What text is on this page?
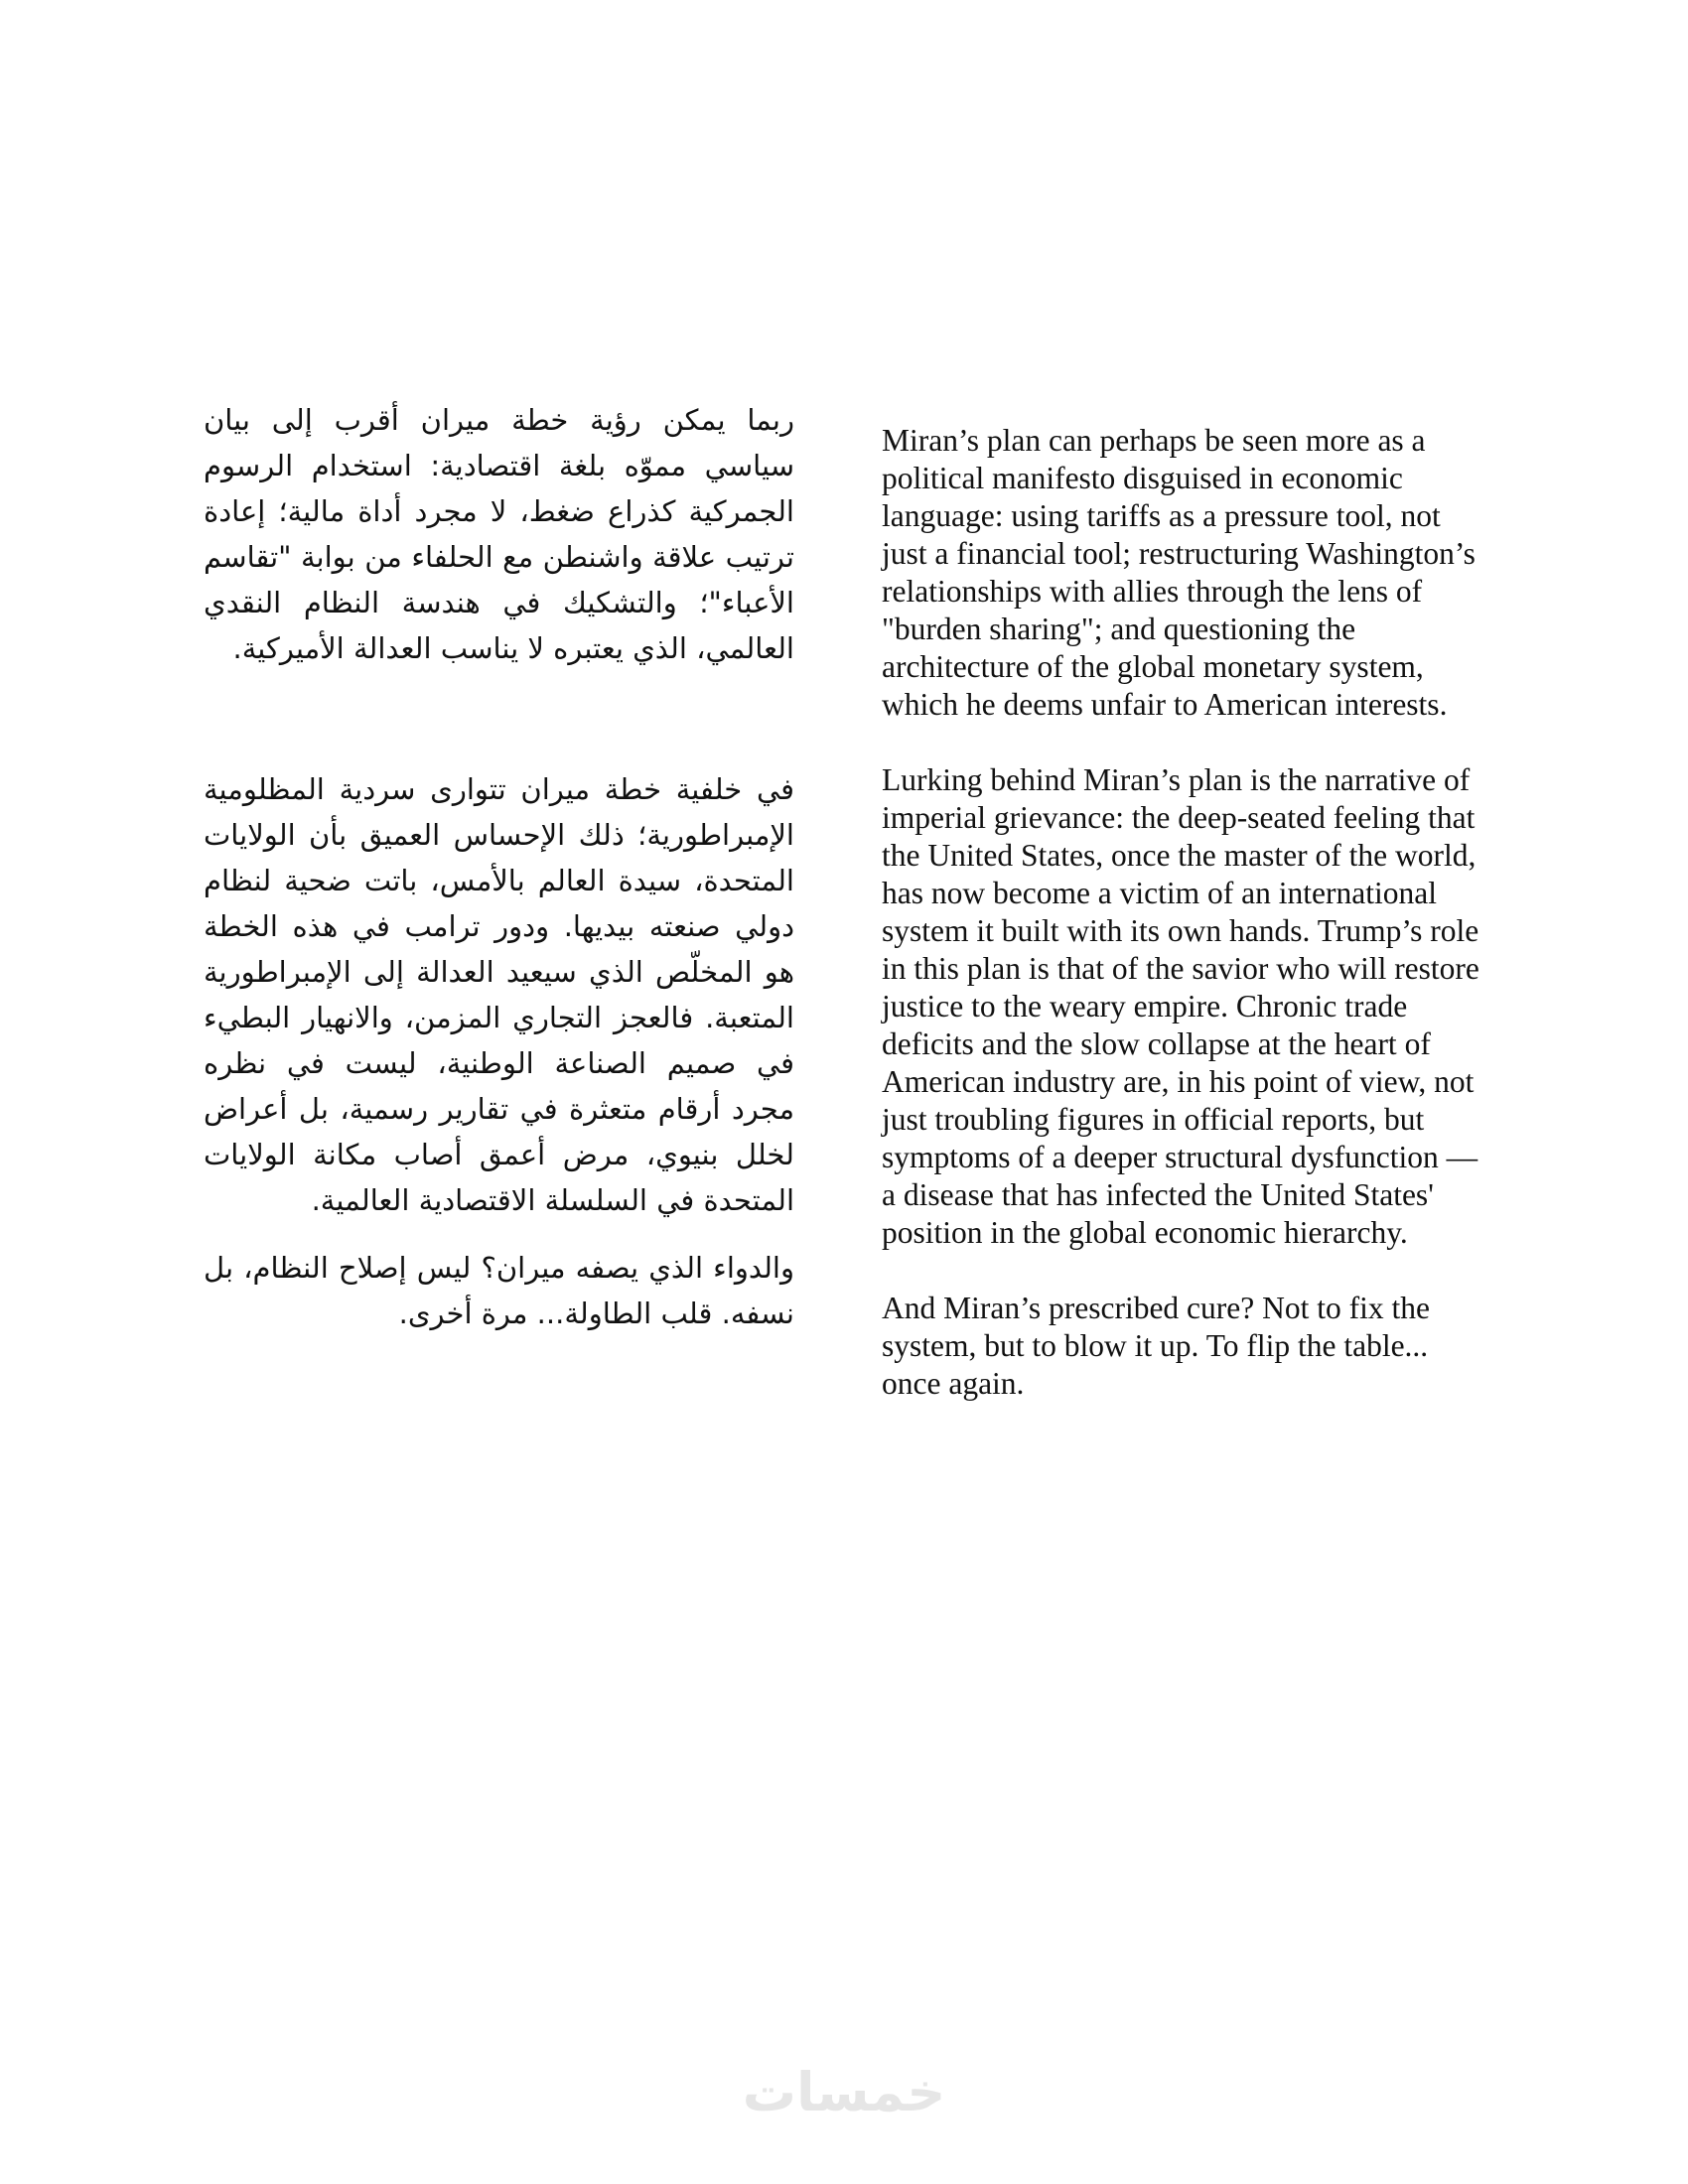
ربما يمكن رؤية خطة ميران أقرب إلى بيان سياسي مموّه بلغة اقتصادية: استخدام الرسوم الجمركية كذراع ضغط، لا مجرد أداة مالية؛ إعادة ترتيب علاقة واشنطن مع الحلفاء من بوابة "تقاسم الأعباء"؛ والتشكيك في هندسة النظام النقدي العالمي، الذي يعتبره لا يناسب العدالة الأميركية.

في خلفية خطة ميران تتوارى سردية المظلومية الإمبراطورية؛ ذلك الإحساس العميق بأن الولايات المتحدة، سيدة العالم بالأمس، باتت ضحية لنظام دولي صنعته بيديها. ودور ترامب في هذه الخطة هو المخلّص الذي سيعيد العدالة إلى الإمبراطورية المتعبة. فالعجز التجاري المزمن، والانهيار البطيء في صميم الصناعة الوطنية، ليست في نظره مجرد أرقام متعثرة في تقارير رسمية، بل أعراض لخلل بنيوي، مرض أعمق أصاب مكانة الولايات المتحدة في السلسلة الاقتصادية العالمية.

والدواء الذي يصفه ميران؟ ليس إصلاح النظام، بل نسفه. قلب الطاولة... مرة أخرى.

Miran’s plan can perhaps be seen more as a political manifesto disguised in economic language: using tariffs as a pressure tool, not just a financial tool; restructuring Washington’s relationships with allies through the lens of "burden sharing"; and questioning the architecture of the global monetary system, which he deems unfair to American interests.

Lurking behind Miran’s plan is the narrative of imperial grievance: the deep-seated feeling that the United States, once the master of the world, has now become a victim of an international system it built with its own hands. Trump’s role in this plan is that of the savior who will restore justice to the weary empire. Chronic trade deficits and the slow collapse at the heart of American industry are, in his point of view, not just troubling figures in official reports, but symptoms of a deeper structural dysfunction — a disease that has infected the United States' position in the global economic hierarchy.

And Miran’s prescribed cure? Not to fix the system, but to blow it up. To flip the table... once again.

خمسات
